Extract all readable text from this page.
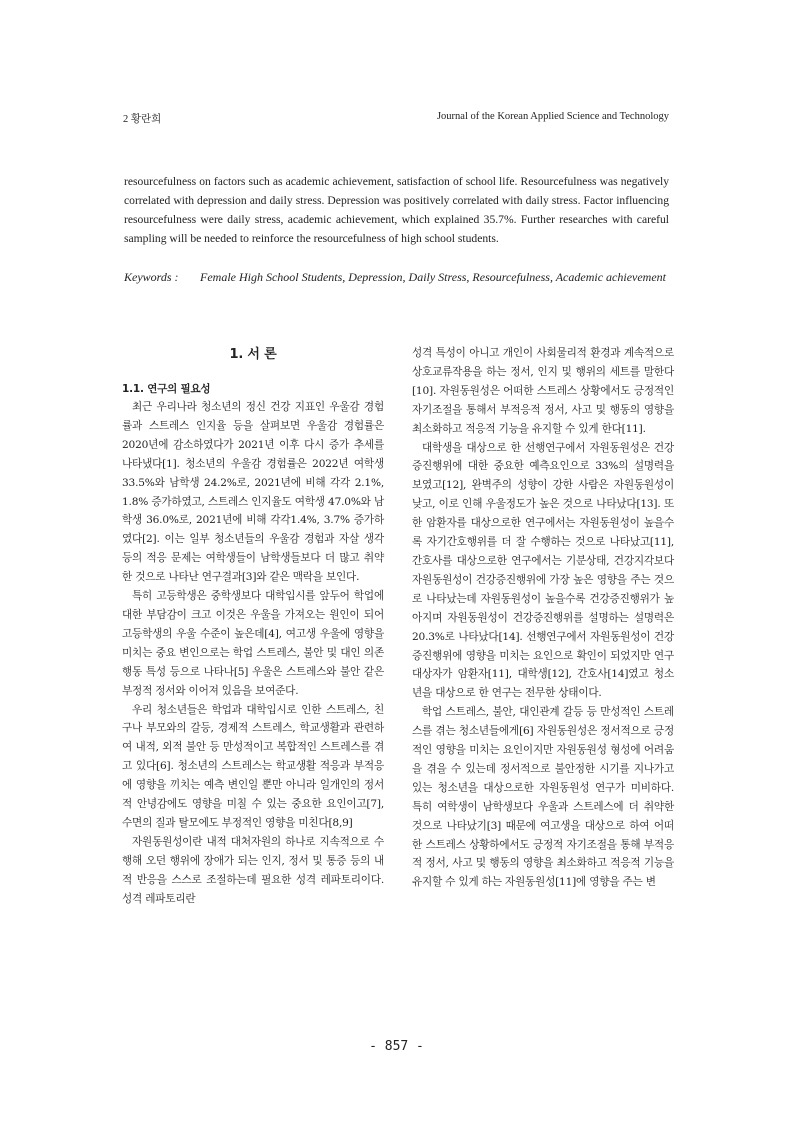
2 황란희	Journal of the Korean Applied Science and Technology
resourcefulness on factors such as academic achievement, satisfaction of school life. Resourcefulness was negatively correlated with depression and daily stress. Depression was positively correlated with daily stress. Factor influencing resourcefulness were daily stress, academic achievement, which explained 35.7%. Further researches with careful sampling will be needed to reinforce the resourcefulness of high school students.
Keywords : Female High School Students, Depression, Daily Stress, Resourcefulness, Academic achievement
1. 서 론
1.1. 연구의 필요성

최근 우리나라 청소년의 정신 건강 지표인 우울감 경험률과 스트레스 인지율 등을 살펴보면 우울감 경험률은 2020년에 감소하였다가 2021년 이후 다시 증가 추세를 나타냈다[1]. 청소년의 우울감 경험률은 2022년 여학생 33.5%와 남학생 24.2%로, 2021년에 비해 각각 2.1%, 1.8% 증가하였고, 스트레스 인지율도 여학생 47.0%와 남학생 36.0%로, 2021년에 비해 각각1.4%, 3.7% 증가하였다[2]. 이는 일부 청소년들의 우울감 경험과 자살 생각 등의 적응 문제는 여학생들이 남학생들보다 더 많고 취약한 것으로 나타난 연구결과[3]와 같은 맥락을 보인다.

특히 고등학생은 중학생보다 대학입시를 앞두어 학업에 대한 부담감이 크고 이것은 우울을 가져오는 원인이 되어 고등학생의 우울 수준이 높은데[4], 여고생 우울에 영향을 미치는 중요 변인으로는 학업 스트레스, 불안 및 대인 의존 행동 특성 등으로 나타나[5] 우울은 스트레스와 불안 같은 부정적 정서와 이어져 있음을 보여준다.

우리 청소년들은 학업과 대학입시로 인한 스트레스, 친구나 부모와의 갈등, 경제적 스트레스, 학교생활과 관련하여 내적, 외적 불안 등 만성적이고 복합적인 스트레스를 겪고 있다[6]. 청소년의 스트레스는 학교생활 적응과 부적응에 영향을 끼치는 예측 변인일 뿐만 아니라 일개인의 정서적 안녕감에도 영향을 미칠 수 있는 중요한 요인이고[7], 수면의 질과 탈모에도 부정적인 영향을 미친다[8,9]

자원동원성이란 내적 대처자원의 하나로 지속적으로 수행해 오던 행위에 장애가 되는 인지, 정서 및 통증 등의 내적 반응을 스스로 조절하는데 필요한 성격 레파토리이다. 성격 레파토리란

성격 특성이 아니고 개인이 사회물리적 환경과 계속적으로 상호교류작용을 하는 정서, 인지 및 행위의 세트를 말한다[10]. 자원동원성은 어떠한 스트레스 상황에서도 긍정적인 자기조절을 통해서 부적응적 정서, 사고 및 행동의 영향을 최소화하고 적응적 기능을 유지할 수 있게 한다[11].

대학생을 대상으로 한 선행연구에서 자원동원성은 건강증진행위에 대한 중요한 예측요인으로 33%의 설명력을 보였고[12], 완벽주의 성향이 강한 사람은 자원동원성이 낮고, 이로 인해 우울정도가 높은 것으로 나타났다[13]. 또한 암환자를 대상으로한 연구에서는 자원동원성이 높을수록 자기간호행위를 더 잘 수행하는 것으로 나타났고[11], 간호사를 대상으로한 연구에서는 기분상태, 건강지각보다 자원동원성이 건강증진행위에 가장 높은 영향을 주는 것으로 나타났는데 자원동원성이 높을수록 건강증진행위가 높아지며 자원동원성이 건강증진행위를 설명하는 설명력은 20.3%로 나타났다[14]. 선행연구에서 자원동원성이 건강증진행위에 영향을 미치는 요인으로 확인이 되었지만 연구대상자가 암환자[11], 대학생[12], 간호사[14]였고 청소년을 대상으로 한 연구는 전무한 상태이다.

학업 스트레스, 불안, 대인관계 갈등 등 만성적인 스트레스를 겪는 청소년들에게[6] 자원동원성은 정서적으로 긍정적인 영향을 미치는 요인이지만 자원동원성 형성에 어려움을 겪을 수 있는데 정서적으로 불안정한 시기를 지나가고 있는 청소년을 대상으로한 자원동원성 연구가 미비하다. 특히 여학생이 남학생보다 우울과 스트레스에 더 취약한 것으로 나타났기[3] 때문에 여고생을 대상으로 하여 어떠한 스트레스 상황하에서도 긍정적 자기조절을 통해 부적응적 정서, 사고 및 행동의 영향을 최소화하고 적응적 기능을 유지할 수 있게 하는 자원동원성[11]에 영향을 주는 변

- 857 -
